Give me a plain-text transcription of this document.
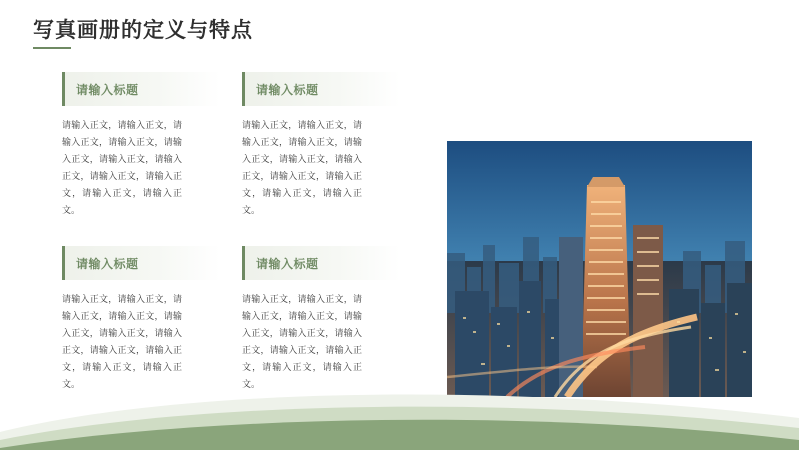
写真画册的定义与特点
请输入标题
请输入正文，请输入正文，请输入正文，请输入正文，请输入正文，请输入正文，请输入正文，请输入正文，请输入正文，请输入正文，请输入正文。
请输入标题
请输入正文，请输入正文，请输入正文，请输入正文，请输入正文，请输入正文，请输入正文，请输入正文，请输入正文，请输入正文，请输入正文。
请输入标题
请输入正文，请输入正文，请输入正文，请输入正文，请输入正文，请输入正文，请输入正文，请输入正文，请输入正文，请输入正文，请输入正文。
请输入标题
请输入正文，请输入正文，请输入正文，请输入正文，请输入正文，请输入正文，请输入正文，请输入正文，请输入正文，请输入正文，请输入正文。
